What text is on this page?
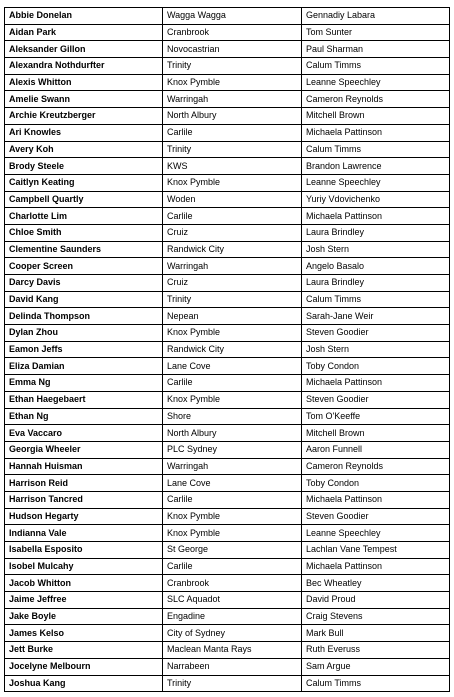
Abbie Donelan	Wagga Wagga	Gennadiy Labara
Aidan Park	Cranbrook	Tom Sunter
Aleksander Gillon	Novocastrian	Paul Sharman
Alexandra Nothdurfter	Trinity	Calum Timms
Alexis Whitton	Knox Pymble	Leanne Speechley
Amelie Swann	Warringah	Cameron Reynolds
Archie Kreutzberger	North Albury	Mitchell Brown
Ari Knowles	Carlile	Michaela Pattinson
Avery Koh	Trinity	Calum Timms
Brody Steele	KWS	Brandon Lawrence
Caitlyn Keating	Knox Pymble	Leanne Speechley
Campbell Quartly	Woden	Yuriy Vdovichenko
Charlotte Lim	Carlile	Michaela Pattinson
Chloe Smith	Cruiz	Laura Brindley
Clementine Saunders	Randwick City	Josh Stern
Cooper Screen	Warringah	Angelo Basalo
Darcy Davis	Cruiz	Laura Brindley
David Kang	Trinity	Calum Timms
Delinda Thompson	Nepean	Sarah-Jane Weir
Dylan Zhou	Knox Pymble	Steven Goodier
Eamon Jeffs	Randwick City	Josh Stern
Eliza Damian	Lane Cove	Toby Condon
Emma Ng	Carlile	Michaela Pattinson
Ethan Haegebaert	Knox Pymble	Steven Goodier
Ethan Ng	Shore	Tom O'Keeffe
Eva Vaccaro	North Albury	Mitchell Brown
Georgia Wheeler	PLC Sydney	Aaron Funnell
Hannah Huisman	Warringah	Cameron Reynolds
Harrison Reid	Lane Cove	Toby Condon
Harrison Tancred	Carlile	Michaela Pattinson
Hudson Hegarty	Knox Pymble	Steven Goodier
Indianna Vale	Knox Pymble	Leanne Speechley
Isabella Esposito	St George	Lachlan Vane Tempest
Isobel Mulcahy	Carlile	Michaela Pattinson
Jacob Whitton	Cranbrook	Bec Wheatley
Jaime Jeffree	SLC Aquadot	David Proud
Jake Boyle	Engadine	Craig Stevens
James Kelso	City of Sydney	Mark Bull
Jett Burke	Maclean Manta Rays	Ruth Everuss
Jocelyne Melbourn	Narrabeen	Sam Argue
Joshua Kang	Trinity	Calum Timms
